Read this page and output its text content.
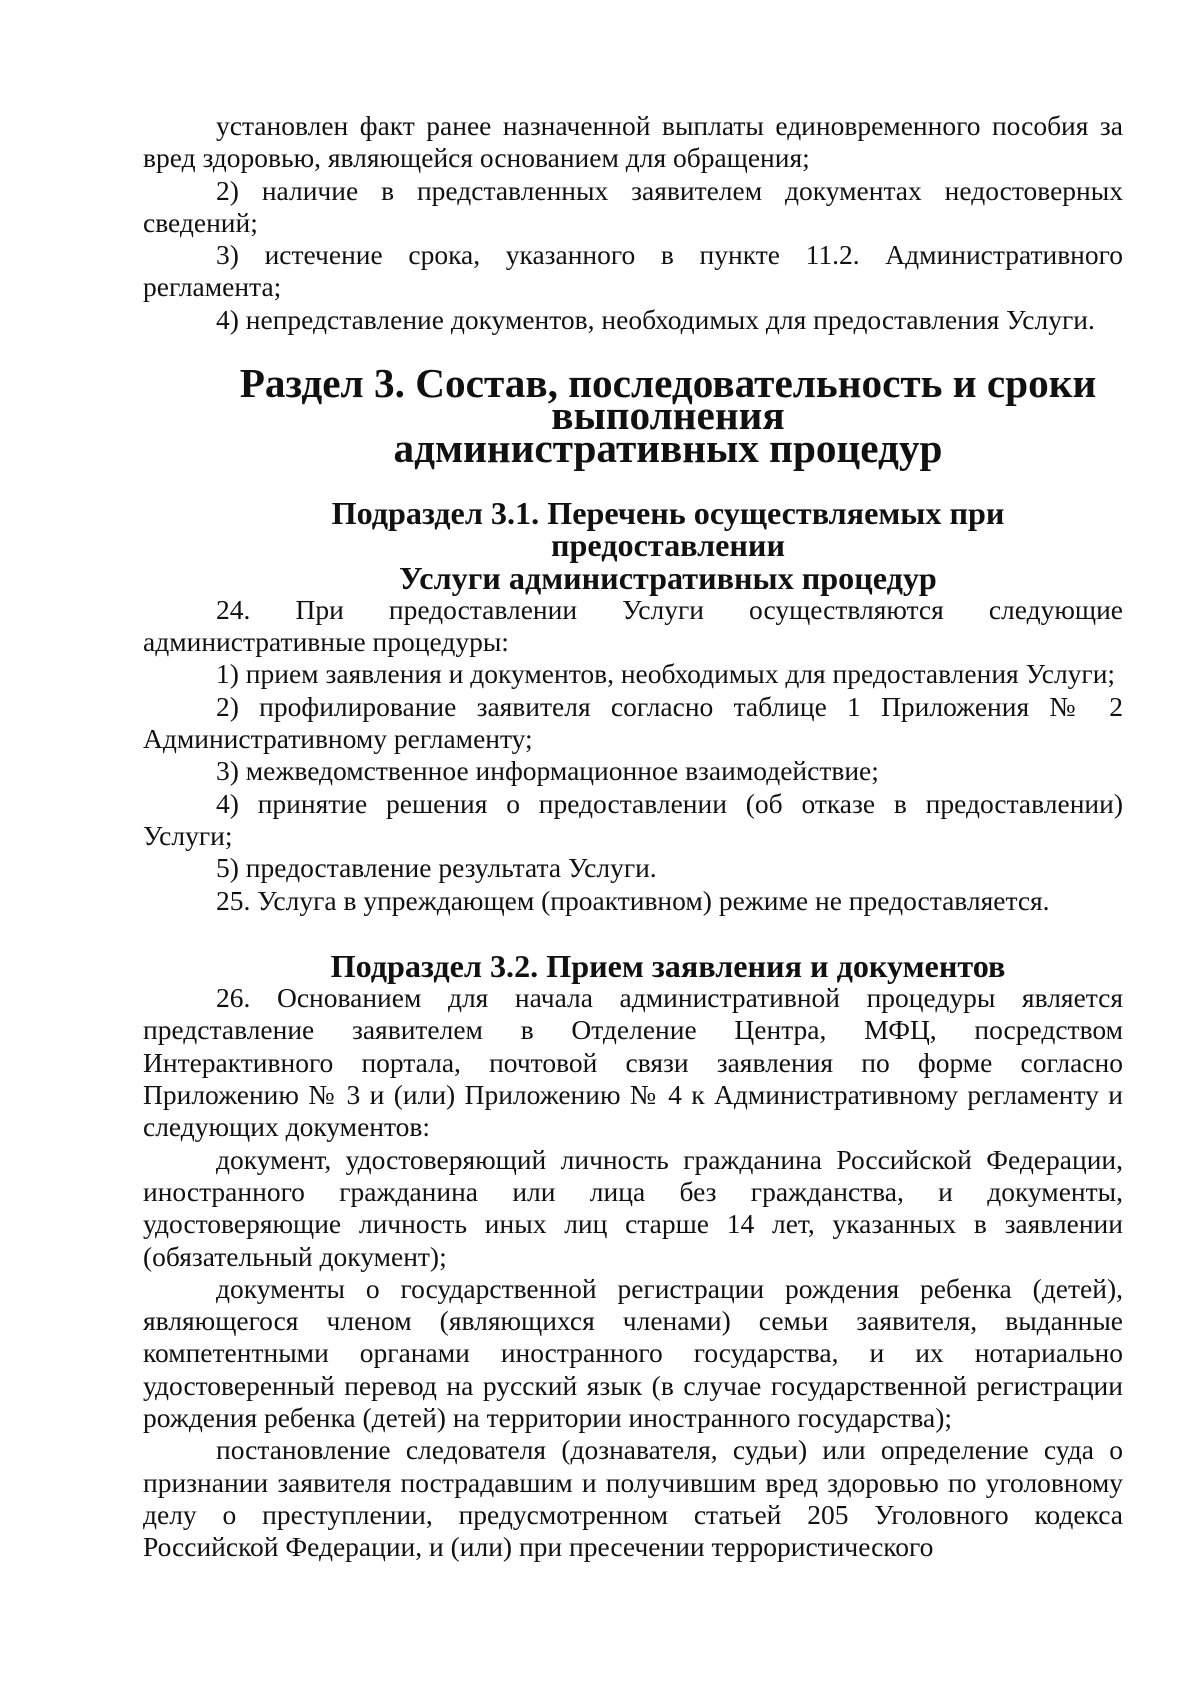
установлен факт ранее назначенной выплаты единовременного пособия за вред здоровью, являющейся основанием для обращения;

2) наличие в представленных заявителем документах недостоверных сведений;

3) истечение срока, указанного в пункте 11.2. Административного регламента;

4) непредставление документов, необходимых для предоставления Услуги.

Раздел 3. Состав, последовательность и сроки выполнения
административных процедур
Подраздел 3.1. Перечень осуществляемых при предоставлении
Услуги административных процедур

24. При предоставлении Услуги осуществляются следующие административные процедуры:

1) прием заявления и документов, необходимых для предоставления Услуги;

2) профилирование заявителя согласно таблице 1 Приложения № 2 Административному регламенту;

3) межведомственное информационное взаимодействие;

4) принятие решения о предоставлении (об отказе в предоставлении) Услуги;

5) предоставление результата Услуги.

25. Услуга в упреждающем (проактивном) режиме не предоставляется.

Подраздел 3.2. Прием заявления и документов

26. Основанием для начала административной процедуры является представление заявителем в Отделение Центра, МФЦ, посредством Интерактивного портала, почтовой связи заявления по форме согласно Приложению № 3 и (или) Приложению № 4 к Административному регламенту и следующих документов:

документ, удостоверяющий личность гражданина Российской Федерации, иностранного гражданина или лица без гражданства, и документы, удостоверяющие личность иных лиц старше 14 лет, указанных в заявлении (обязательный документ);

документы о государственной регистрации рождения ребенка (детей), являющегося членом (являющихся членами) семьи заявителя, выданные компетентными органами иностранного государства, и их нотариально удостоверенный перевод на русский язык (в случае государственной регистрации рождения ребенка (детей) на территории иностранного государства);

постановление следователя (дознавателя, судьи) или определение суда о признании заявителя пострадавшим и получившим вред здоровью по уголовному делу о преступлении, предусмотренном статьей 205 Уголовного кодекса Российской Федерации, и (или) при пресечении террористического
